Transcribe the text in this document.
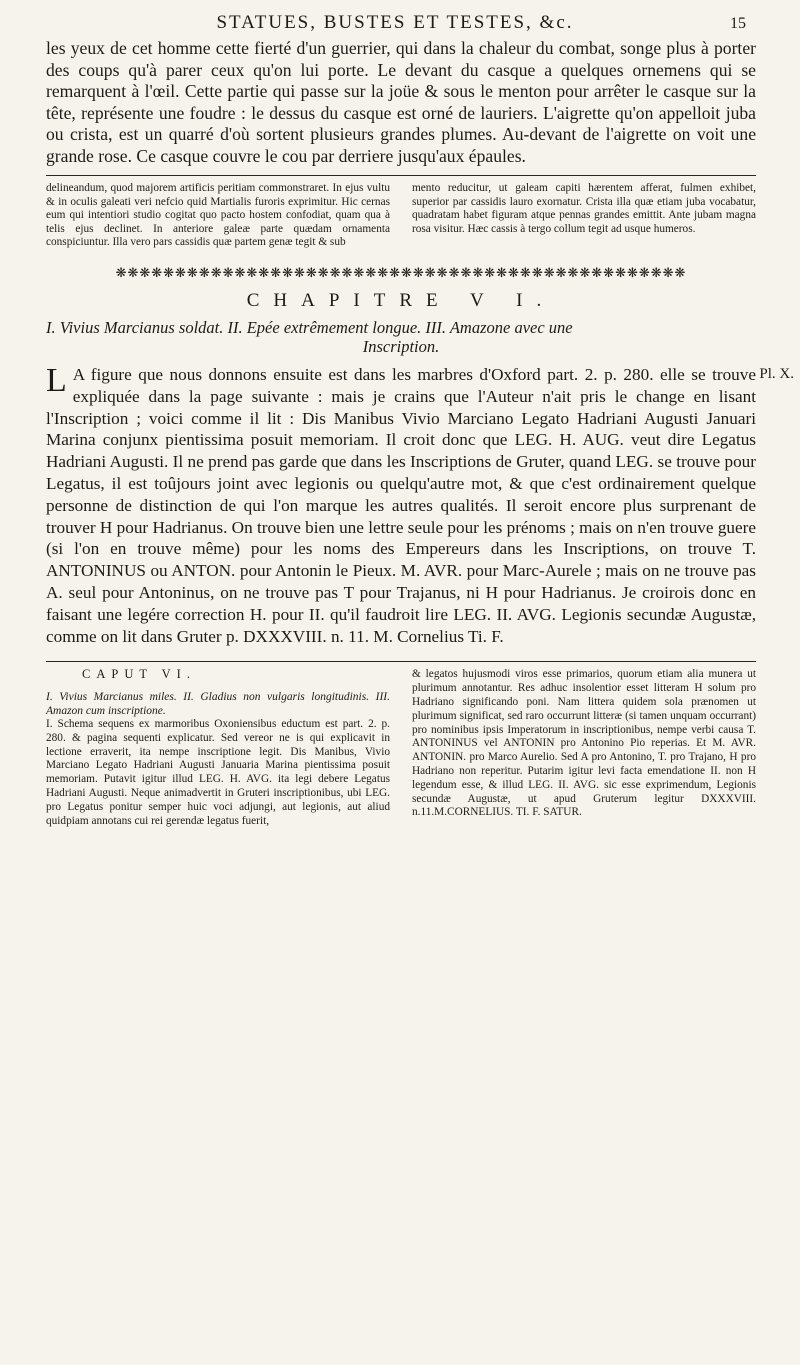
STATUES, BUSTES ET TESTES, &c.	15

les yeux de cet homme cette fierté d'un guerrier, qui dans la chaleur du combat, songe plus à porter des coups qu'à parer ceux qu'on lui porte. Le devant du casque a quelques ornemens qui se remarquent à l'œil. Cette partie qui passe sur la joüe & sous le menton pour arrêter le casque sur la tête, représente une foudre : le dessus du casque est orné de lauriers. L'aigrette qu'on appelloit juba ou crista, est un quarré d'où sortent plusieurs grandes plumes. Au-devant de l'aigrette on voit une grande rose. Ce casque couvre le cou par derriere jusqu'aux épaules.

delineandum, quod majorem artificis peritiam commonstraret. In ejus vultu & in oculis galeati veri nefcio quid Martialis furoris exprimitur. Hic cernas eum qui intentiori studio cogitat quo pacto hostem confodiat, quam qua à telis ejus declinet. In anteriore galeæ parte quædam ornamenta conspiciuntur. Illa vero pars cassidis quæ partem genæ tegit & sub

mento reducitur, ut galeam capiti hærentem afferat, fulmen exhibet, superior par cassidis lauro exornatur. Crista illa quæ etiam juba vocabatur, quadratam habet figuram atque pennas grandes emittit. Ante jubam magna rosa visitur. Hæc cassis à tergo collum tegit ad usque humeros.

❋❋❋❋❋❋❋❋❋❋❋❋❋❋❋❋❋❋❋❋❋❋❋❋❋❋❋❋❋❋❋❋❋❋❋❋❋❋❋❋❋❋❋❋❋❋❋❋
CHAPITRE V I.

I. Vivius Marcianus soldat. II. Epée extrêmement longue. III. Amazone avec une
Inscription.

Pl. X.
L A figure que nous donnons ensuite est dans les marbres d'Oxford part. 2. p. 280. elle se trouve expliquée dans la page suivante : mais je crains que l'Auteur n'ait pris le change en lisant l'Inscription ; voici comme il lit : Dis Manibus Vivio Marciano Legato Hadriani Augusti Januari Marina conjunx pientissima posuit memoriam. Il croit donc que LEG. H. AUG. veut dire Legatus Hadriani Augusti. Il ne prend pas garde que dans les Inscriptions de Gruter, quand LEG. se trouve pour Legatus, il est toûjours joint avec legionis ou quelqu'autre mot, & que c'est ordinairement quelque personne de distinction de qui l'on marque les autres qualités. Il seroit encore plus surprenant de trouver H pour Hadrianus. On trouve bien une lettre seule pour les prénoms ; mais on n'en trouve guere (si l'on en trouve même) pour les noms des Empereurs dans les Inscriptions, on trouve T. ANTONINUS ou ANTON. pour Antonin le Pieux. M. AVR. pour Marc-Aurele ; mais on ne trouve pas A. seul pour Antoninus, on ne trouve pas T pour Trajanus, ni H pour Hadrianus. Je croirois donc en faisant une legére correction H. pour II. qu'il faudroit lire LEG. II. AVG. Legionis secundæ Augustæ, comme on lit dans Gruter p. DXXXVIII. n. 11. M. Cornelius Ti. F.
CAPUT VI.

I. Vivius Marcianus miles. II. Gladius non vulgaris longitudinis. III. Amazon cum inscriptione.

I. Schema sequens ex marmoribus Oxoniensibus eductum est part. 2. p. 280. & pagina sequenti explicatur. Sed vereor ne is qui explicavit in lectione erraverit, ita nempe inscriptione legit. Dis Manibus, Vivio Marciano Legato Hadriani Augusti Januaria Marina pientissima posuit memoriam. Putavit igitur illud LEG. H. AVG. ita legi debere Legatus Hadriani Augusti. Neque animadvertit in Gruteri inscriptionibus, ubi LEG. pro Legatus ponitur semper huic voci adjungi, aut legionis, aut aliud quidpiam annotans cui rei gerendæ legatus fuerit,

& legatos hujusmodi viros esse primarios, quorum etiam alia munera ut plurimum annotantur. Res adhuc insolentior esset litteram H solum pro Hadriano significando poni. Nam littera quidem sola prænomen ut plurimum significat, sed raro occurrunt litteræ (si tamen unquam occurrant) pro nominibus ipsis Imperatorum in inscriptionibus, nempe verbi causa T. ANTONINUS vel ANTONIN pro Antonino Pio reperias. Et M. AVR. ANTONIN. pro Marco Aurelio. Sed A pro Antonino, T. pro Trajano, H pro Hadriano non reperitur. Putarim igitur levi facta emendatione II. non H legendum esse, & illud LEG. II. AVG. sic esse exprimendum, Legionis secundæ Augustæ, ut apud Gruterum legitur DXXXVIII. n.11.M.CORNELIUS. TI. F. SATUR.
